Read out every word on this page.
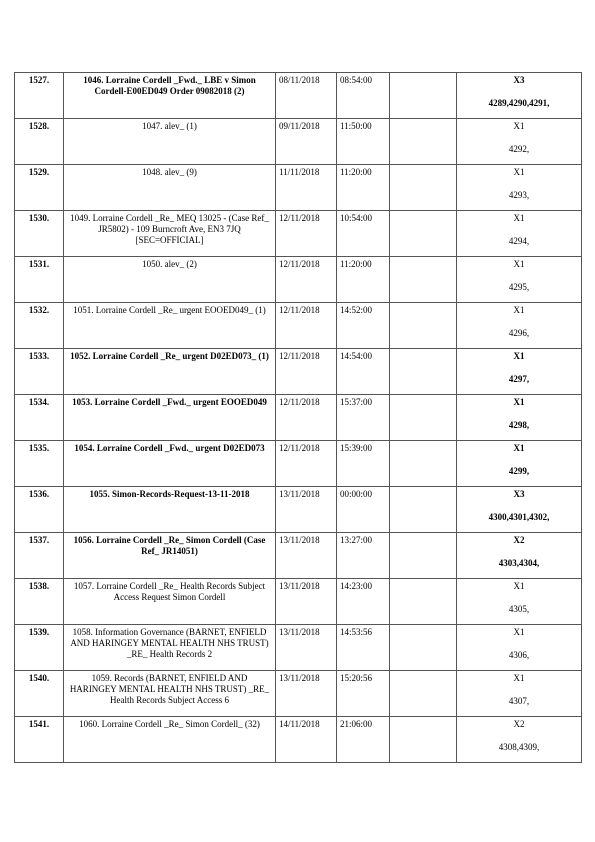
1527.	1046. Lorraine Cordell _Fwd._ LBE v Simon Cordell-E00ED049 Order 09082018 (2)	08/11/2018	08:54:00		X3
4289,4290,4291,

1528.	1047. alev_ (1)	09/11/2018	11:50:00		X1
4292,

1529.	1048. alev_ (9)	11/11/2018	11:20:00		X1
4293,

1530.	1049. Lorraine Cordell _Re_ MEQ 13025 - (Case Ref_ JR5802) - 109 Burncroft Ave, EN3 7JQ [SEC=OFFICIAL]	12/11/2018	10:54:00		X1
4294,

1531.	1050. alev_ (2)	12/11/2018	11:20:00		X1
4295,

1532.	1051. Lorraine Cordell _Re_ urgent EOOED049_ (1)	12/11/2018	14:52:00		X1
4296,

1533.	1052. Lorraine Cordell _Re_ urgent D02ED073_ (1)	12/11/2018	14:54:00		X1
4297,

1534.	1053. Lorraine Cordell _Fwd._ urgent EOOED049	12/11/2018	15:37:00		X1
4298,

1535.	1054. Lorraine Cordell _Fwd._ urgent D02ED073	12/11/2018	15:39:00		X1
4299,

1536.	1055. Simon-Records-Request-13-11-2018	13/11/2018	00:00:00		X3
4300,4301,4302,

1537.	1056. Lorraine Cordell _Re_ Simon Cordell (Case Ref_ JR14051)	13/11/2018	13:27:00		X2
4303,4304,

1538.	1057. Lorraine Cordell _Re_ Health Records Subject Access Request Simon Cordell	13/11/2018	14:23:00		X1
4305,

1539.	1058. Information Governance (BARNET, ENFIELD AND HARINGEY MENTAL HEALTH NHS TRUST) _RE_ Health Records 2	13/11/2018	14:53:56		X1
4306,

1540.	1059. Records (BARNET, ENFIELD AND HARINGEY MENTAL HEALTH NHS TRUST) _RE_ Health Records Subject Access 6	13/11/2018	15:20:56		X1
4307,

1541.	1060. Lorraine Cordell _Re_ Simon Cordell_ (32)	14/11/2018	21:06:00		X2
4308,4309,
